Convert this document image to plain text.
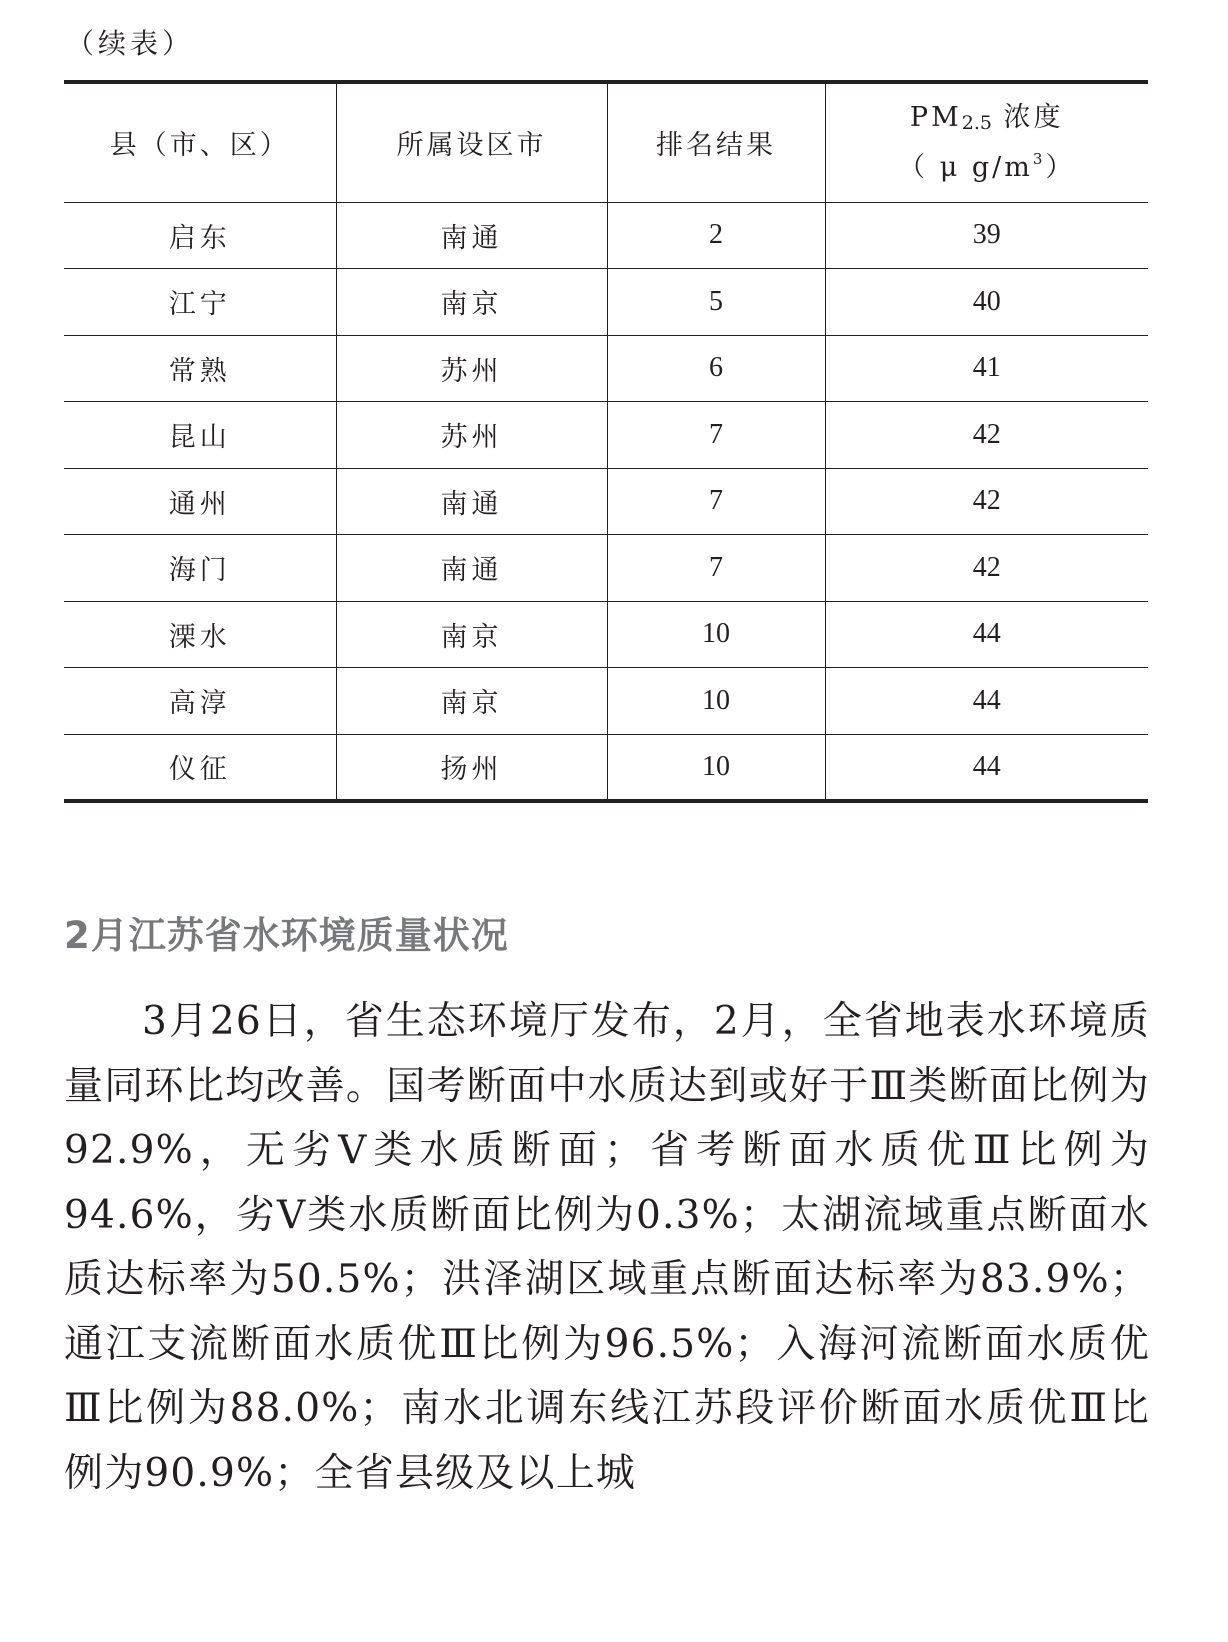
（续表）
县（市、区）	所属设区市	排名结果	PM2.5 浓度
（ μ $g/m^3$）

启东	南通	2	39
江宁	南京	5	40
常熟	苏州	6	41
昆山	苏州	7	42
通州	南通	7	42
海门	南通	7	42
溧水	南京	10	44
高淳	南京	10	44
仪征	扬州	10	44
2月江苏省水环境质量状况

3月26日，省生态环境厅发布，2月，全省地表水环境质量同环比均改善。国考断面中水质达到或好于Ⅲ类断面比例为92.9%，无劣Ⅴ类水质断面；省考断面水质优Ⅲ比例为94.6%，劣Ⅴ类水质断面比例为0.3%；太湖流域重点断面水质达标率为50.5%；洪泽湖区域重点断面达标率为83.9%；通江支流断面水质优Ⅲ比例为96.5%；入海河流断面水质优Ⅲ比例为88.0%；南水北调东线江苏段评价断面水质优Ⅲ比例为90.9%；全省县级及以上城
